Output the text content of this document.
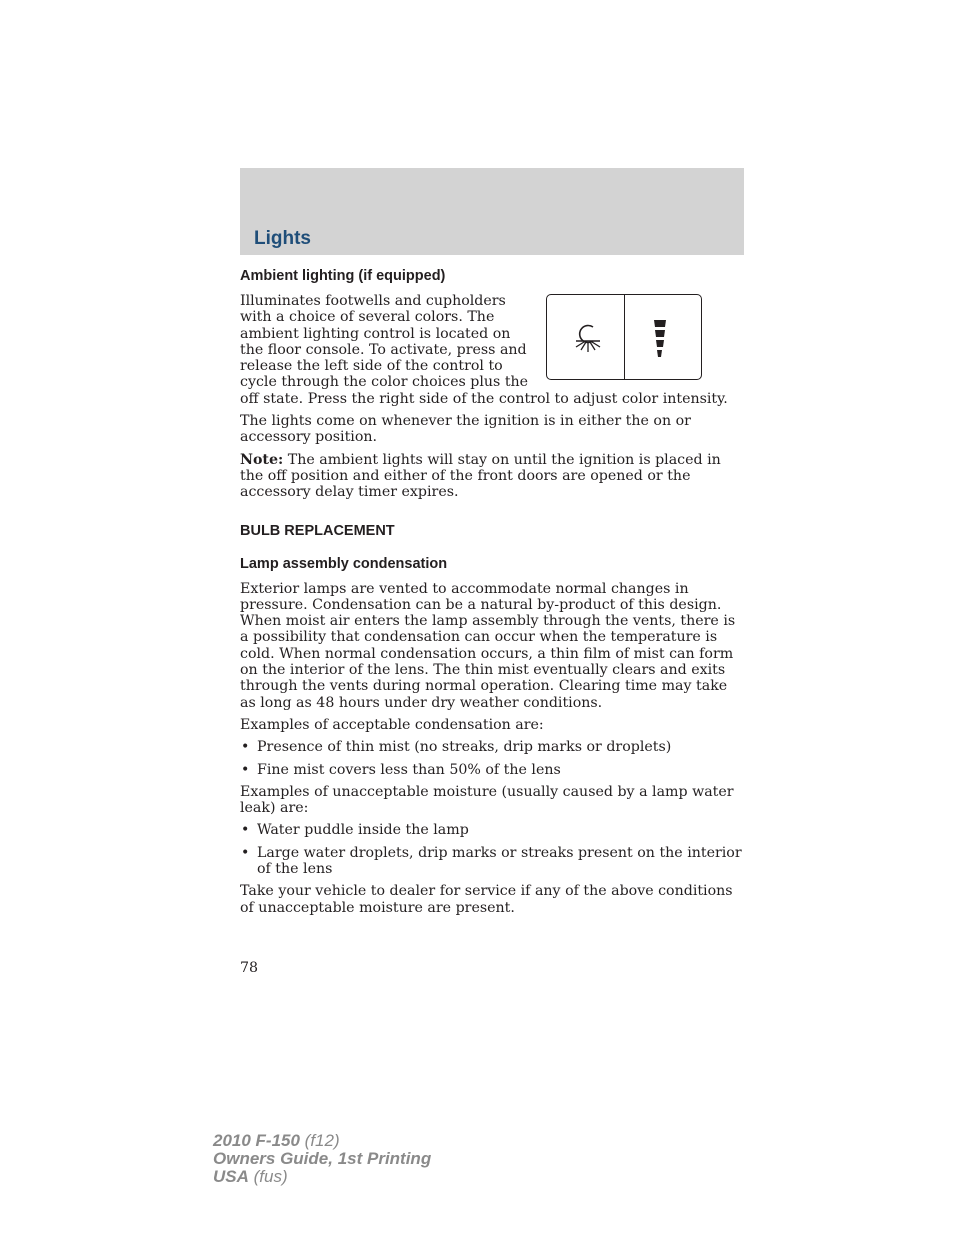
Lights
Ambient lighting (if equipped)

Illuminates footwells and cupholders with a choice of several colors. The ambient lighting control is located on the floor console. To activate, press and release the left side of the control to cycle through the color choices plus the off state. Press the right side of the control to adjust color intensity.

The lights come on whenever the ignition is in either the on or accessory position.

Note: The ambient lights will stay on until the ignition is placed in the off position and either of the front doors are opened or the accessory delay timer expires.

BULB REPLACEMENT
Lamp assembly condensation

Exterior lamps are vented to accommodate normal changes in pressure. Condensation can be a natural by-product of this design. When moist air enters the lamp assembly through the vents, there is a possibility that condensation can occur when the temperature is cold. When normal condensation occurs, a thin film of mist can form on the interior of the lens. The thin mist eventually clears and exits through the vents during normal operation. Clearing time may take as long as 48 hours under dry weather conditions.

Examples of acceptable condensation are:

• Presence of thin mist (no streaks, drip marks or droplets)
• Fine mist covers less than 50% of the lens

Examples of unacceptable moisture (usually caused by a lamp water leak) are:

• Water puddle inside the lamp
• Large water droplets, drip marks or streaks present on the interior of the lens

Take your vehicle to dealer for service if any of the above conditions of unacceptable moisture are present.

78
2010 F-150 (f12)
Owners Guide, 1st Printing
USA (fus)
